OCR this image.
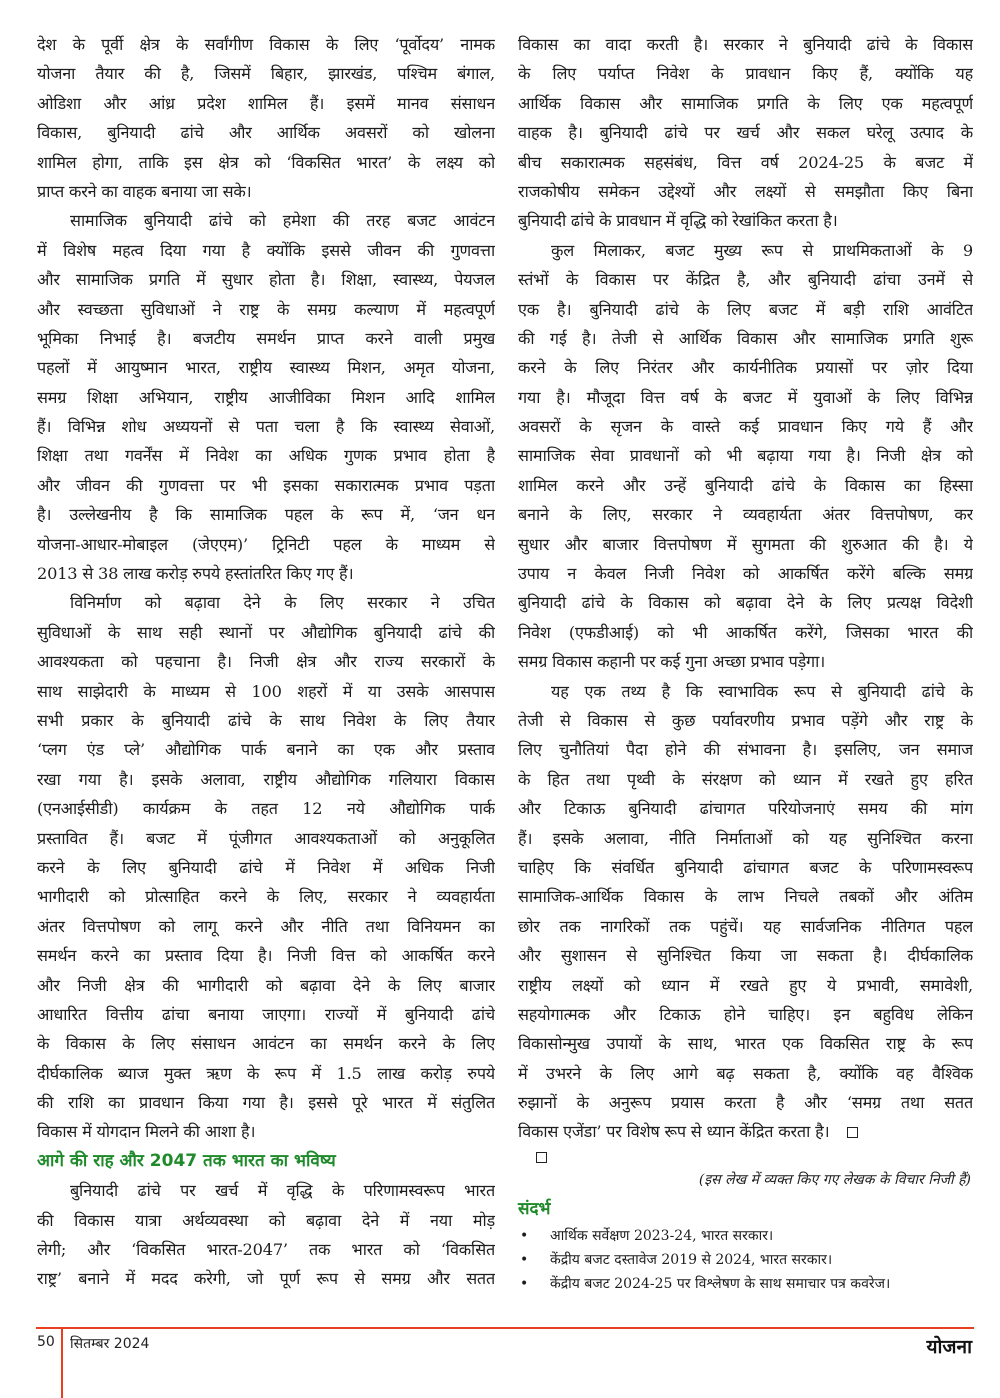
देश के पूर्वी क्षेत्र के सर्वांगीण विकास के लिए ‘पूर्वोदय’ नामक
योजना तैयार की है, जिसमें बिहार, झारखंड, पश्चिम बंगाल,
ओडिशा और आंध्र प्रदेश शामिल हैं। इसमें मानव संसाधन
विकास, बुनियादी ढांचे और आर्थिक अवसरों को खोलना
शामिल होगा, ताकि इस क्षेत्र को ‘विकसित भारत’ के लक्ष्य को
प्राप्त करने का वाहक बनाया जा सके।
सामाजिक बुनियादी ढांचे को हमेशा की तरह बजट आवंटन
में विशेष महत्व दिया गया है क्योंकि इससे जीवन की गुणवत्ता
और सामाजिक प्रगति में सुधार होता है। शिक्षा, स्वास्थ्य, पेयजल
और स्वच्छता सुविधाओं ने राष्ट्र के समग्र कल्याण में महत्वपूर्ण
भूमिका निभाई है। बजटीय समर्थन प्राप्त करने वाली प्रमुख
पहलों में आयुष्मान भारत, राष्ट्रीय स्वास्थ्य मिशन, अमृत योजना,
समग्र शिक्षा अभियान, राष्ट्रीय आजीविका मिशन आदि शामिल
हैं। विभिन्न शोध अध्ययनों से पता चला है कि स्वास्थ्य सेवाओं,
शिक्षा तथा गवर्नेंस में निवेश का अधिक गुणक प्रभाव होता है
और जीवन की गुणवत्ता पर भी इसका सकारात्मक प्रभाव पड़ता
है। उल्लेखनीय है कि सामाजिक पहल के रूप में, ‘जन धन
योजना-आधार-मोबाइल (जेएएम)’ ट्रिनिटी पहल के माध्यम से
2013 से 38 लाख करोड़ रुपये हस्तांतरित किए गए हैं।
विनिर्माण को बढ़ावा देने के लिए सरकार ने उचित
सुविधाओं के साथ सही स्थानों पर औद्योगिक बुनियादी ढांचे की
आवश्यकता को पहचाना है। निजी क्षेत्र और राज्य सरकारों के
साथ साझेदारी के माध्यम से 100 शहरों में या उसके आसपास
सभी प्रकार के बुनियादी ढांचे के साथ निवेश के लिए तैयार
‘प्लग एंड प्ले’ औद्योगिक पार्क बनाने का एक और प्रस्ताव
रखा गया है। इसके अलावा, राष्ट्रीय औद्योगिक गलियारा विकास
(एनआईसीडी) कार्यक्रम के तहत 12 नये औद्योगिक पार्क
प्रस्तावित हैं। बजट में पूंजीगत आवश्यकताओं को अनुकूलित
करने के लिए बुनियादी ढांचे में निवेश में अधिक निजी
भागीदारी को प्रोत्साहित करने के लिए, सरकार ने व्यवहार्यता
अंतर वित्तपोषण को लागू करने और नीति तथा विनियमन का
समर्थन करने का प्रस्ताव दिया है। निजी वित्त को आकर्षित करने
और निजी क्षेत्र की भागीदारी को बढ़ावा देने के लिए बाजार
आधारित वित्तीय ढांचा बनाया जाएगा। राज्यों में बुनियादी ढांचे
के विकास के लिए संसाधन आवंटन का समर्थन करने के लिए
दीर्घकालिक ब्याज मुक्त ऋण के रूप में 1.5 लाख करोड़ रुपये
की राशि का प्रावधान किया गया है। इससे पूरे भारत में संतुलित
विकास में योगदान मिलने की आशा है।
आगे की राह और 2047 तक भारत का भविष्य
बुनियादी ढांचे पर खर्च में वृद्धि के परिणामस्वरूप भारत
की विकास यात्रा अर्थव्यवस्था को बढ़ावा देने में नया मोड़
लेगी; और ‘विकसित भारत-2047’ तक भारत को ‘विकसित
राष्ट्र’ बनाने में मदद करेगी, जो पूर्ण रूप से समग्र और सतत
विकास का वादा करती है। सरकार ने बुनियादी ढांचे के विकास
के लिए पर्याप्त निवेश के प्रावधान किए हैं, क्योंकि यह
आर्थिक विकास और सामाजिक प्रगति के लिए एक महत्वपूर्ण
वाहक है। बुनियादी ढांचे पर खर्च और सकल घरेलू उत्पाद के
बीच सकारात्मक सहसंबंध, वित्त वर्ष 2024-25 के बजट में
राजकोषीय समेकन उद्देश्यों और लक्ष्यों से समझौता किए बिना
बुनियादी ढांचे के प्रावधान में वृद्धि को रेखांकित करता है।
कुल मिलाकर, बजट मुख्य रूप से प्राथमिकताओं के 9
स्तंभों के विकास पर केंद्रित है, और बुनियादी ढांचा उनमें से
एक है। बुनियादी ढांचे के लिए बजट में बड़ी राशि आवंटित
की गई है। तेजी से आर्थिक विकास और सामाजिक प्रगति शुरू
करने के लिए निरंतर और कार्यनीतिक प्रयासों पर ज़ोर दिया
गया है। मौजूदा वित्त वर्ष के बजट में युवाओं के लिए विभिन्न
अवसरों के सृजन के वास्ते कई प्रावधान किए गये हैं और
सामाजिक सेवा प्रावधानों को भी बढ़ाया गया है। निजी क्षेत्र को
शामिल करने और उन्हें बुनियादी ढांचे के विकास का हिस्सा
बनाने के लिए, सरकार ने व्यवहार्यता अंतर वित्तपोषण, कर
सुधार और बाजार वित्तपोषण में सुगमता की शुरुआत की है। ये
उपाय न केवल निजी निवेश को आकर्षित करेंगे बल्कि समग्र
बुनियादी ढांचे के विकास को बढ़ावा देने के लिए प्रत्यक्ष विदेशी
निवेश (एफडीआई) को भी आकर्षित करेंगे, जिसका भारत की
समग्र विकास कहानी पर कई गुना अच्छा प्रभाव पड़ेगा।
यह एक तथ्य है कि स्वाभाविक रूप से बुनियादी ढांचे के
तेजी से विकास से कुछ पर्यावरणीय प्रभाव पड़ेंगे और राष्ट्र के
लिए चुनौतियां पैदा होने की संभावना है। इसलिए, जन समाज
के हित तथा पृथ्वी के संरक्षण को ध्यान में रखते हुए हरित
और टिकाऊ बुनियादी ढांचागत परियोजनाएं समय की मांग
हैं। इसके अलावा, नीति निर्माताओं को यह सुनिश्चित करना
चाहिए कि संवर्धित बुनियादी ढांचागत बजट के परिणामस्वरूप
सामाजिक-आर्थिक विकास के लाभ निचले तबकों और अंतिम
छोर तक नागरिकों तक पहुंचें। यह सार्वजनिक नीतिगत पहल
और सुशासन से सुनिश्चित किया जा सकता है। दीर्घकालिक
राष्ट्रीय लक्ष्यों को ध्यान में रखते हुए ये प्रभावी, समावेशी,
सहयोगात्मक और टिकाऊ होने चाहिए। इन बहुविध लेकिन
विकासोन्मुख उपायों के साथ, भारत एक विकसित राष्ट्र के रूप
में उभरने के लिए आगे बढ़ सकता है, क्योंकि वह वैश्विक
रुझानों के अनुरूप प्रयास करता है और ‘समग्र तथा सतत
विकास एजेंडा’ पर विशेष रूप से ध्यान केंद्रित करता है।
(इस लेख में व्यक्त किए गए लेखक के विचार निजी हैं)
संदर्भ
• आर्थिक सर्वेक्षण 2023-24, भारत सरकार।
• केंद्रीय बजट दस्तावेज 2019 से 2024, भारत सरकार।
• केंद्रीय बजट 2024-25 पर विश्लेषण के साथ समाचार पत्र कवरेज।
50 सितम्बर 2024	योजना
